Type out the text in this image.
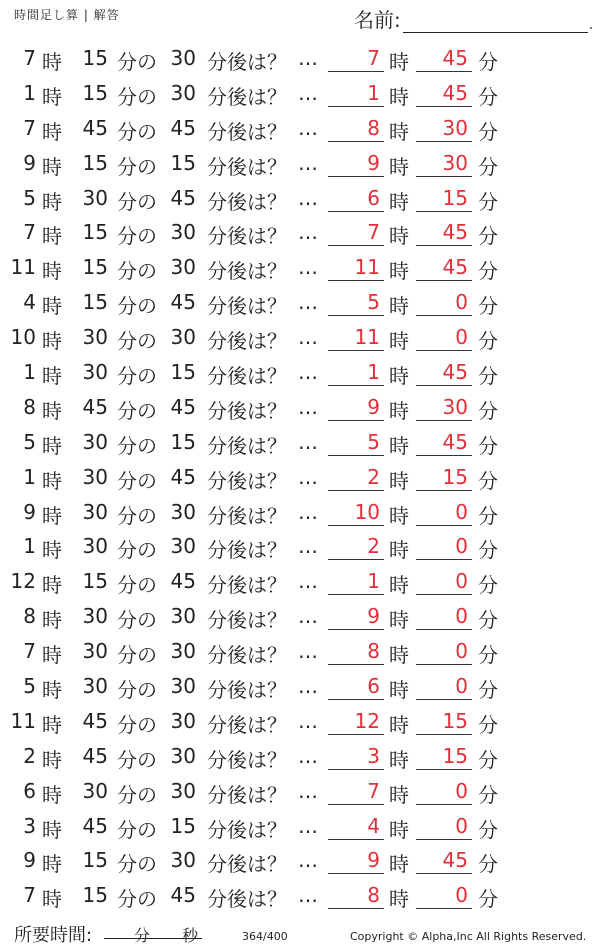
時間足し算 | 解答	名前:	.
7 時	15 分の 30 分後は？ …	7 時	45 分
1 時	15 分の 30 分後は？ …	1 時	45 分
7 時	45 分の 45 分後は？ …	8 時	30 分
9 時	15 分の 15 分後は？ …	9 時	30 分
5 時	30 分の 45 分後は？ …	6 時	15 分
7 時	15 分の 30 分後は？ …	7 時	45 分
11 時	15 分の 30 分後は？ …	11 時	45 分
4 時	15 分の 45 分後は？ …	5 時	0 分
10 時	30 分の 30 分後は？ …	11 時	0 分
1 時	30 分の 15 分後は？ …	1 時	45 分
8 時	45 分の 45 分後は？ …	9 時	30 分
5 時	30 分の 15 分後は？ …	5 時	45 分
1 時	30 分の 45 分後は？ …	2 時	15 分
9 時	30 分の 30 分後は？ …	10 時	0 分
1 時	30 分の 30 分後は？ …	2 時	0 分
12 時	15 分の 45 分後は？ …	1 時	0 分
8 時	30 分の 30 分後は？ …	9 時	0 分
7 時	30 分の 30 分後は？ …	8 時	0 分
5 時	30 分の 30 分後は？ …	6 時	0 分
11 時	45 分の 30 分後は？ …	12 時	15 分
2 時	45 分の 30 分後は？ …	3 時	15 分
6 時	30 分の 30 分後は？ …	7 時	0 分
3 時	45 分の 15 分後は？ …	4 時	0 分
9 時	15 分の 30 分後は？ …	9 時	45 分
7 時	15 分の 45 分後は？ …	8 時	0 分
所要時間:	分 秒	364/400	Copyright © Alpha,Inc All Rights Reserved.
